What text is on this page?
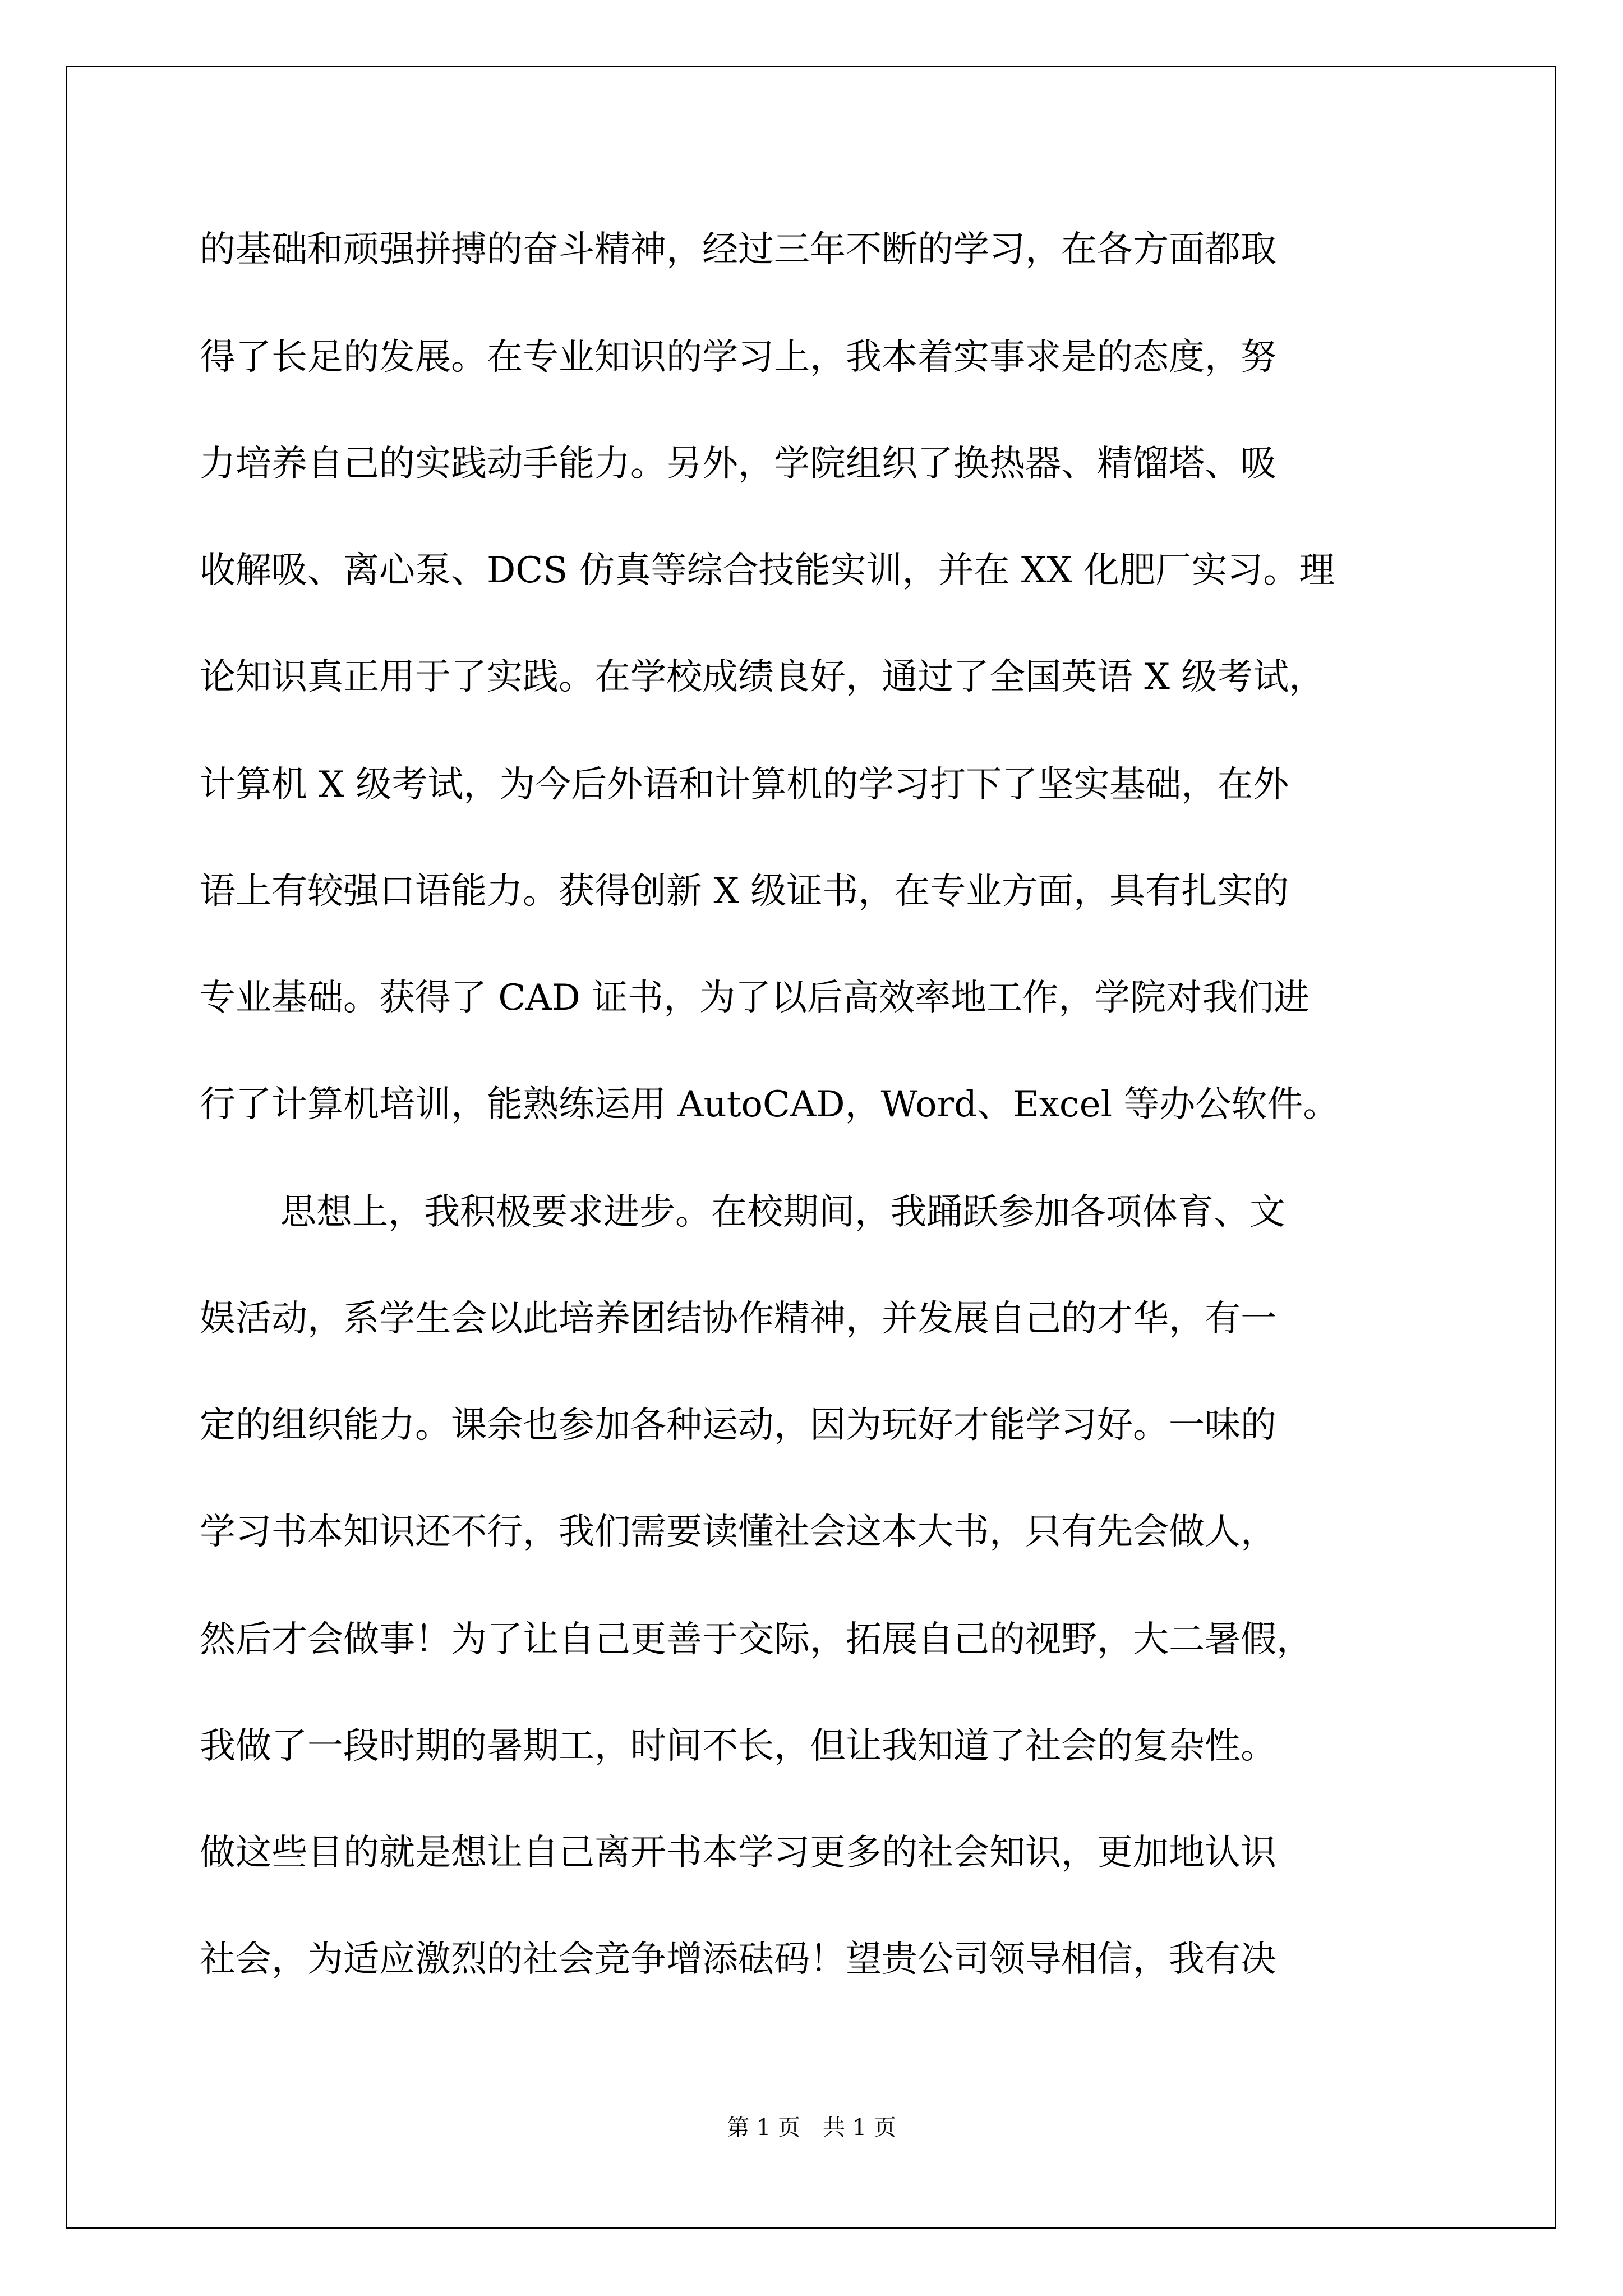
的基础和顽强拼搏的奋斗精神，经过三年不断的学习，在各方面都取
得了长足的发展。在专业知识的学习上，我本着实事求是的态度，努
力培养自己的实践动手能力。另外，学院组织了换热器、精馏塔、吸
收解吸、离心泵、DCS 仿真等综合技能实训，并在 XX 化肥厂实习。理
论知识真正用于了实践。在学校成绩良好，通过了全国英语 X 级考试，
计算机 X 级考试，为今后外语和计算机的学习打下了坚实基础，在外
语上有较强口语能力。获得创新 X 级证书，在专业方面，具有扎实的
专业基础。获得了 CAD 证书，为了以后高效率地工作，学院对我们进
行了计算机培训，能熟练运用 AutoCAD，Word、Excel 等办公软件。
思想上，我积极要求进步。在校期间，我踊跃参加各项体育、文
娱活动，系学生会以此培养团结协作精神，并发展自己的才华，有一
定的组织能力。课余也参加各种运动，因为玩好才能学习好。一味的
学习书本知识还不行，我们需要读懂社会这本大书，只有先会做人，
然后才会做事！为了让自己更善于交际，拓展自己的视野，大二暑假，
我做了一段时期的暑期工，时间不长，但让我知道了社会的复杂性。
做这些目的就是想让自己离开书本学习更多的社会知识，更加地认识
社会，为适应激烈的社会竞争增添砝码！望贵公司领导相信，我有决
第 1 页 共 1 页
